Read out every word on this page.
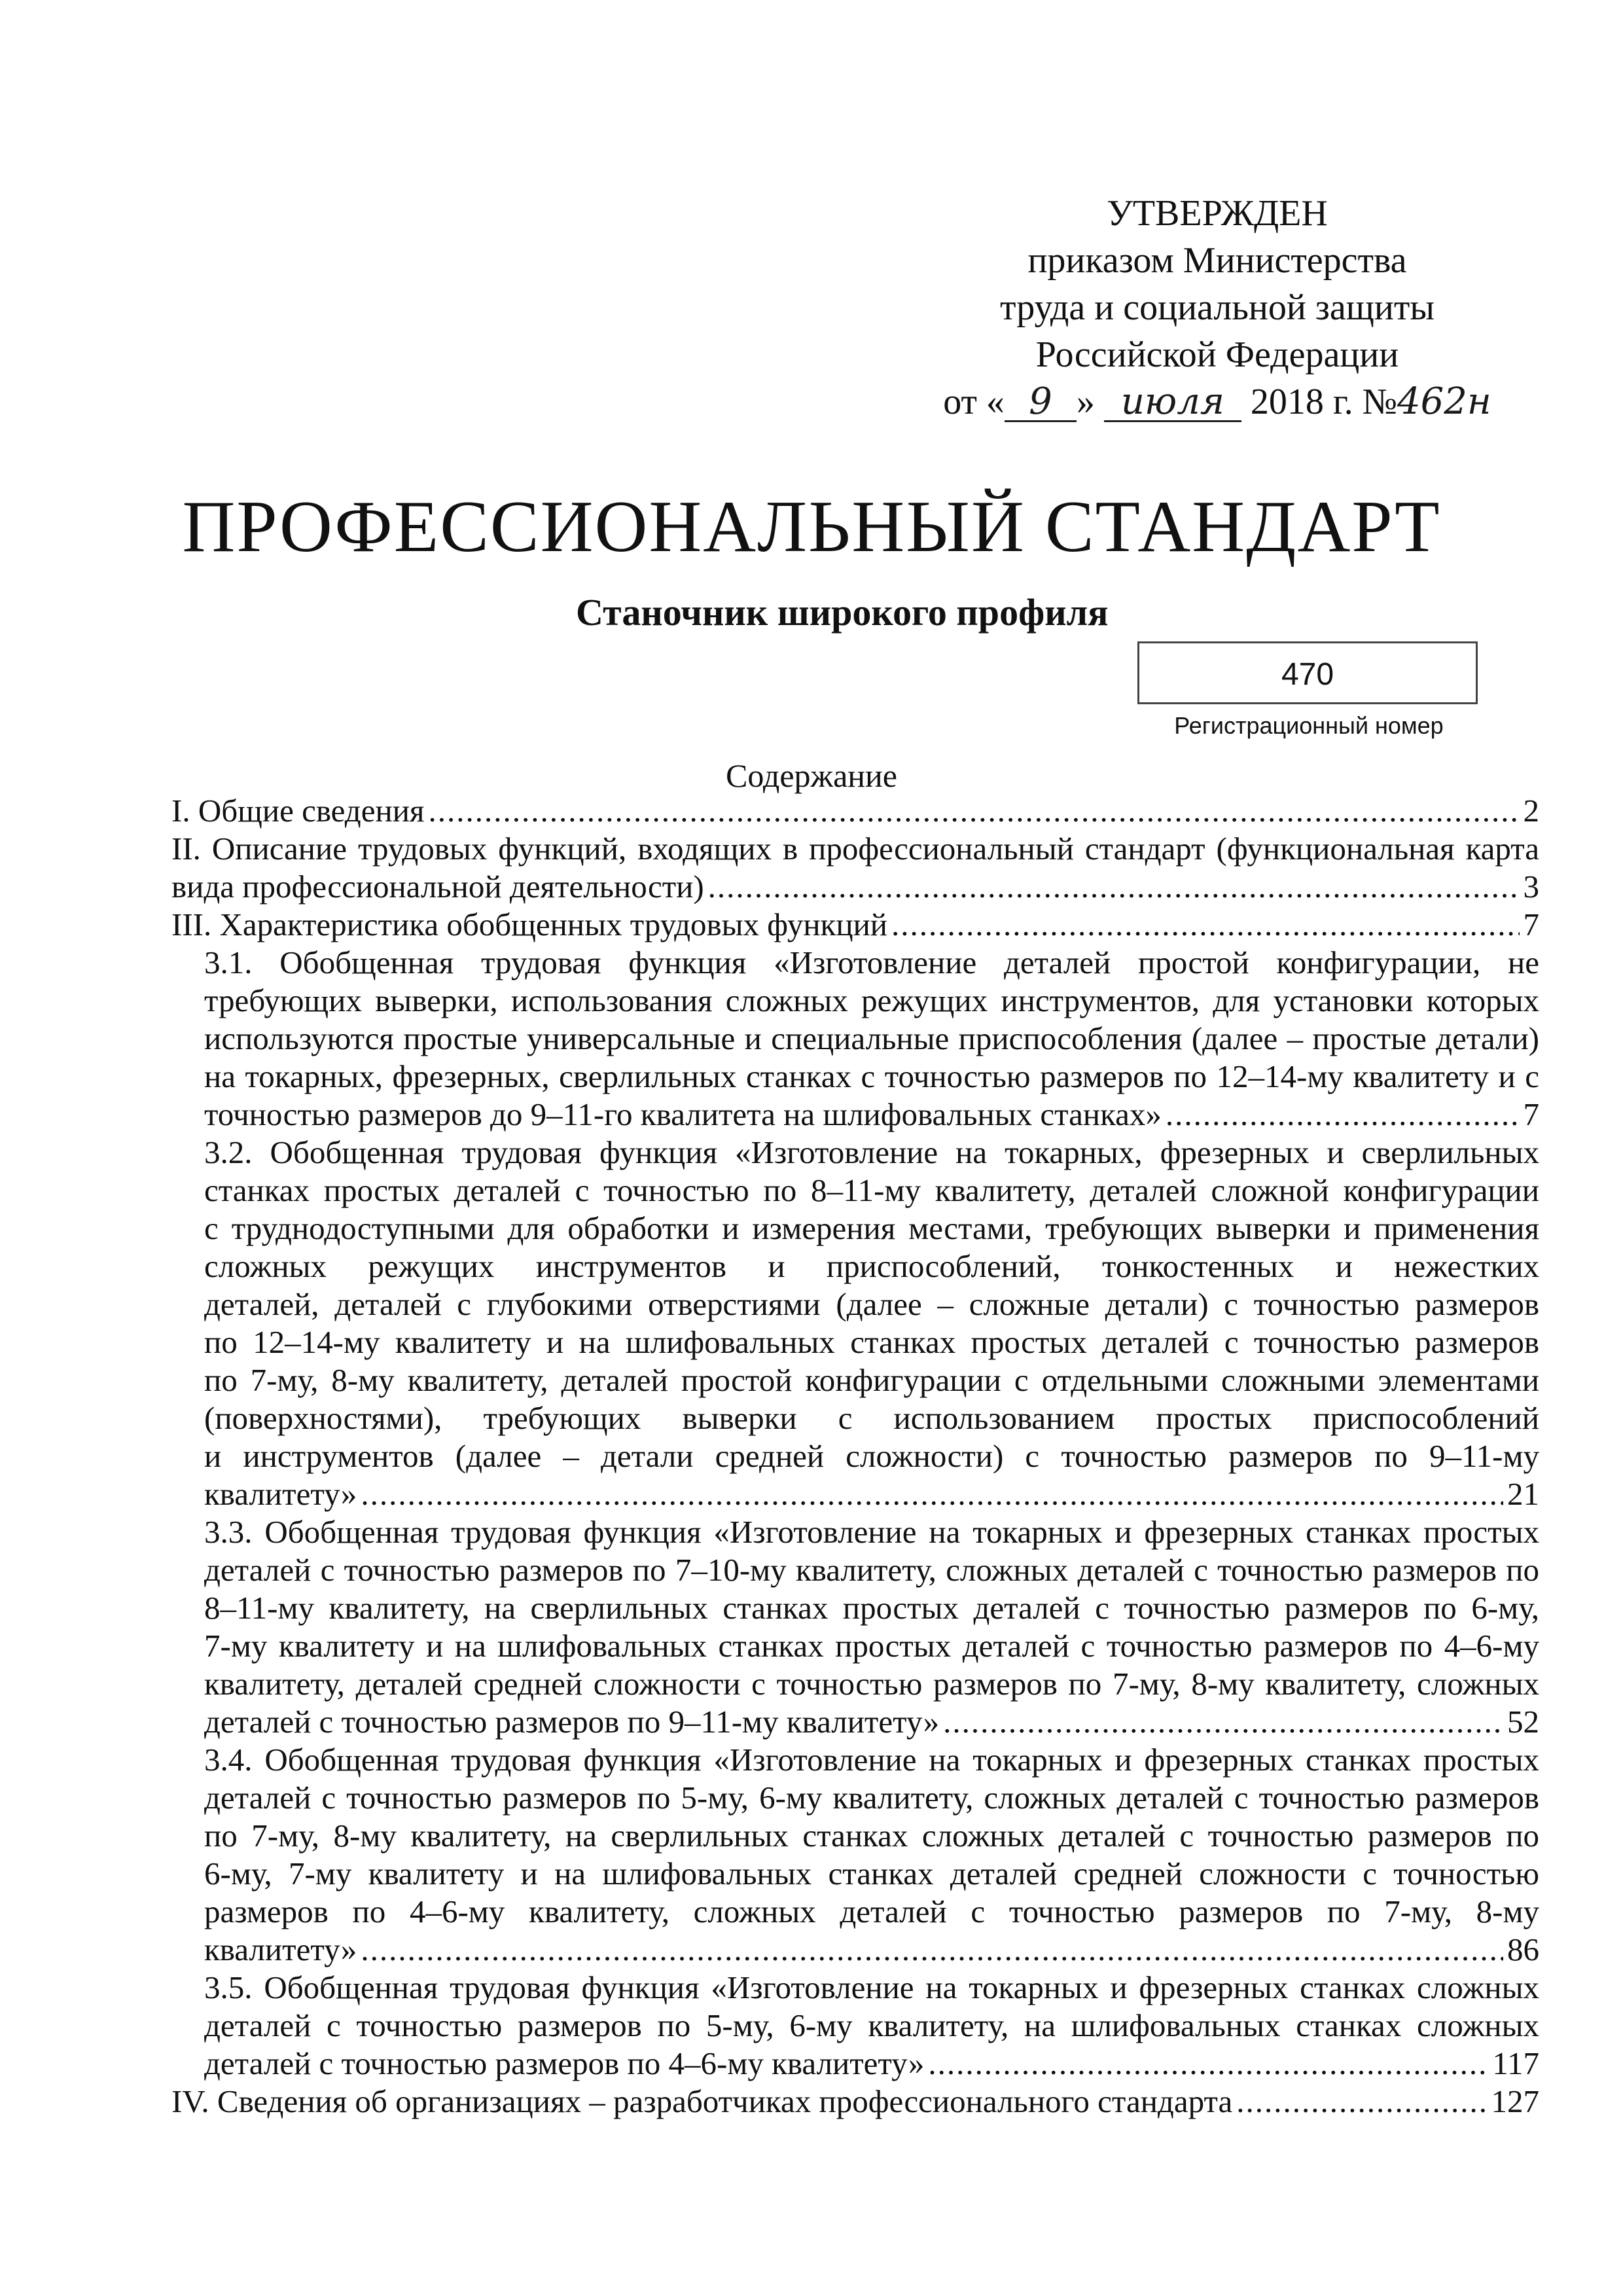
УТВЕРЖДЕН
приказом Министерства
труда и социальной защиты
Российской Федерации
от « 9 » июля 2018 г. №462н
ПРОФЕССИОНАЛЬНЫЙ СТАНДАРТ
Станочник широкого профиля
470
Регистрационный номер
Содержание
I. Общие сведения .....	2
II. Описание трудовых функций, входящих в профессиональный стандарт (функциональная карта
вида профессиональной деятельности) .....	3
III. Характеристика обобщенных трудовых функций .....	7
3.1. Обобщенная трудовая функция «Изготовление деталей простой конфигурации, не
требующих выверки, использования сложных режущих инструментов, для установки которых
используются простые универсальные и специальные приспособления (далее – простые детали)
на токарных, фрезерных, сверлильных станках с точностью размеров по 12–14-му квалитету и с
точностью размеров до 9–11-го квалитета на шлифовальных станках» .....	7
3.2. Обобщенная трудовая функция «Изготовление на токарных, фрезерных и сверлильных
станках простых деталей с точностью по 8–11-му квалитету, деталей сложной конфигурации
с труднодоступными для обработки и измерения местами, требующих выверки и применения
сложных режущих инструментов и приспособлений, тонкостенных и нежестких
деталей, деталей с глубокими отверстиями (далее – сложные детали) с точностью размеров
по 12–14-му квалитету и на шлифовальных станках простых деталей с точностью размеров
по 7-му, 8-му квалитету, деталей простой конфигурации с отдельными сложными элементами
(поверхностями), требующих выверки с использованием простых приспособлений
и инструментов (далее – детали средней сложности) с точностью размеров по 9–11-му
квалитету» .....	21
3.3. Обобщенная трудовая функция «Изготовление на токарных и фрезерных станках простых
деталей с точностью размеров по 7–10-му квалитету, сложных деталей с точностью размеров по
8–11-му квалитету, на сверлильных станках простых деталей с точностью размеров по 6-му,
7-му квалитету и на шлифовальных станках простых деталей с точностью размеров по 4–6-му
квалитету, деталей средней сложности с точностью размеров по 7-му, 8-му квалитету, сложных
деталей с точностью размеров по 9–11-му квалитету» .....	52
3.4. Обобщенная трудовая функция «Изготовление на токарных и фрезерных станках простых
деталей с точностью размеров по 5-му, 6-му квалитету, сложных деталей с точностью размеров
по 7-му, 8-му квалитету, на сверлильных станках сложных деталей с точностью размеров по
6-му, 7-му квалитету и на шлифовальных станках деталей средней сложности с точностью
размеров по 4–6-му квалитету, сложных деталей с точностью размеров по 7-му, 8-му
квалитету» .....	86
3.5. Обобщенная трудовая функция «Изготовление на токарных и фрезерных станках сложных
деталей с точностью размеров по 5-му, 6-му квалитету, на шлифовальных станках сложных
деталей с точностью размеров по 4–6-му квалитету» .....	117
IV. Сведения об организациях – разработчиках профессионального стандарта .....	127
